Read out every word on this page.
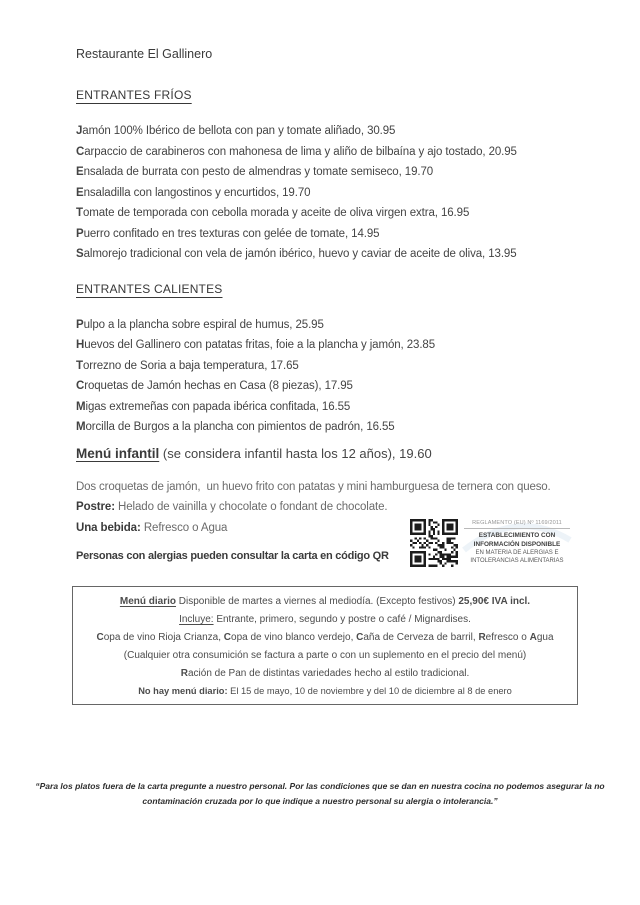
Restaurante El Gallinero
ENTRANTES FRÍOS
Jamón 100% Ibérico de bellota con pan y tomate aliñado, 30.95
Carpaccio de carabineros con mahonesa de lima y aliño de bilbaína y ajo tostado, 20.95
Ensalada de burrata con pesto de almendras y tomate semiseco, 19.70
Ensaladilla con langostinos y encurtidos, 19.70
Tomate de temporada con cebolla morada y aceite de oliva virgen extra, 16.95
Puerro confitado en tres texturas con gelée de tomate, 14.95
Salmorejo tradicional con vela de jamón ibérico, huevo y caviar de aceite de oliva, 13.95
ENTRANTES CALIENTES
Pulpo a la plancha sobre espiral de humus, 25.95
Huevos del Gallinero con patatas fritas, foie a la plancha y jamón, 23.85
Torrezno de Soria a baja temperatura, 17.65
Croquetas de Jamón hechas en Casa (8 piezas), 17.95
Migas extremeñas con papada ibérica confitada, 16.55
Morcilla de Burgos a la plancha con pimientos de padrón, 16.55
Menú infantil (se considera infantil hasta los 12 años), 19.60
Dos croquetas de jamón,  un huevo frito con patatas y mini hamburguesa de ternera con queso.
Postre: Helado de vainilla y chocolate o fondant de chocolate.
Una bebida: Refresco o Agua
Personas con alergias pueden consultar la carta en código QR
REGLAMENTO (EU) Nº 1169/2011
ESTABLECIMIENTO CON
INFORMACIÓN DISPONIBLE
EN MATERIA DE ALERGIAS E
INTOLERANCIAS ALIMENTARIAS
Menú diario Disponible de martes a viernes al mediodía. (Excepto festivos) 25,90€ IVA incl.
Incluye: Entrante, primero, segundo y postre o café / Mignardises.
Copa de vino Rioja Crianza, Copa de vino blanco verdejo, Caña de Cerveza de barril, Refresco o Agua
(Cualquier otra consumición se factura a parte o con un suplemento en el precio del menú)
Ración de Pan de distintas variedades hecho al estilo tradicional.
No hay menú diario: El 15 de mayo, 10 de noviembre y del 10 de diciembre al 8 de enero
“Para los platos fuera de la carta pregunte a nuestro personal. Por las condiciones que se dan en nuestra cocina no podemos asegurar la no contaminación cruzada por lo que indique a nuestro personal su alergia o intolerancia.”
